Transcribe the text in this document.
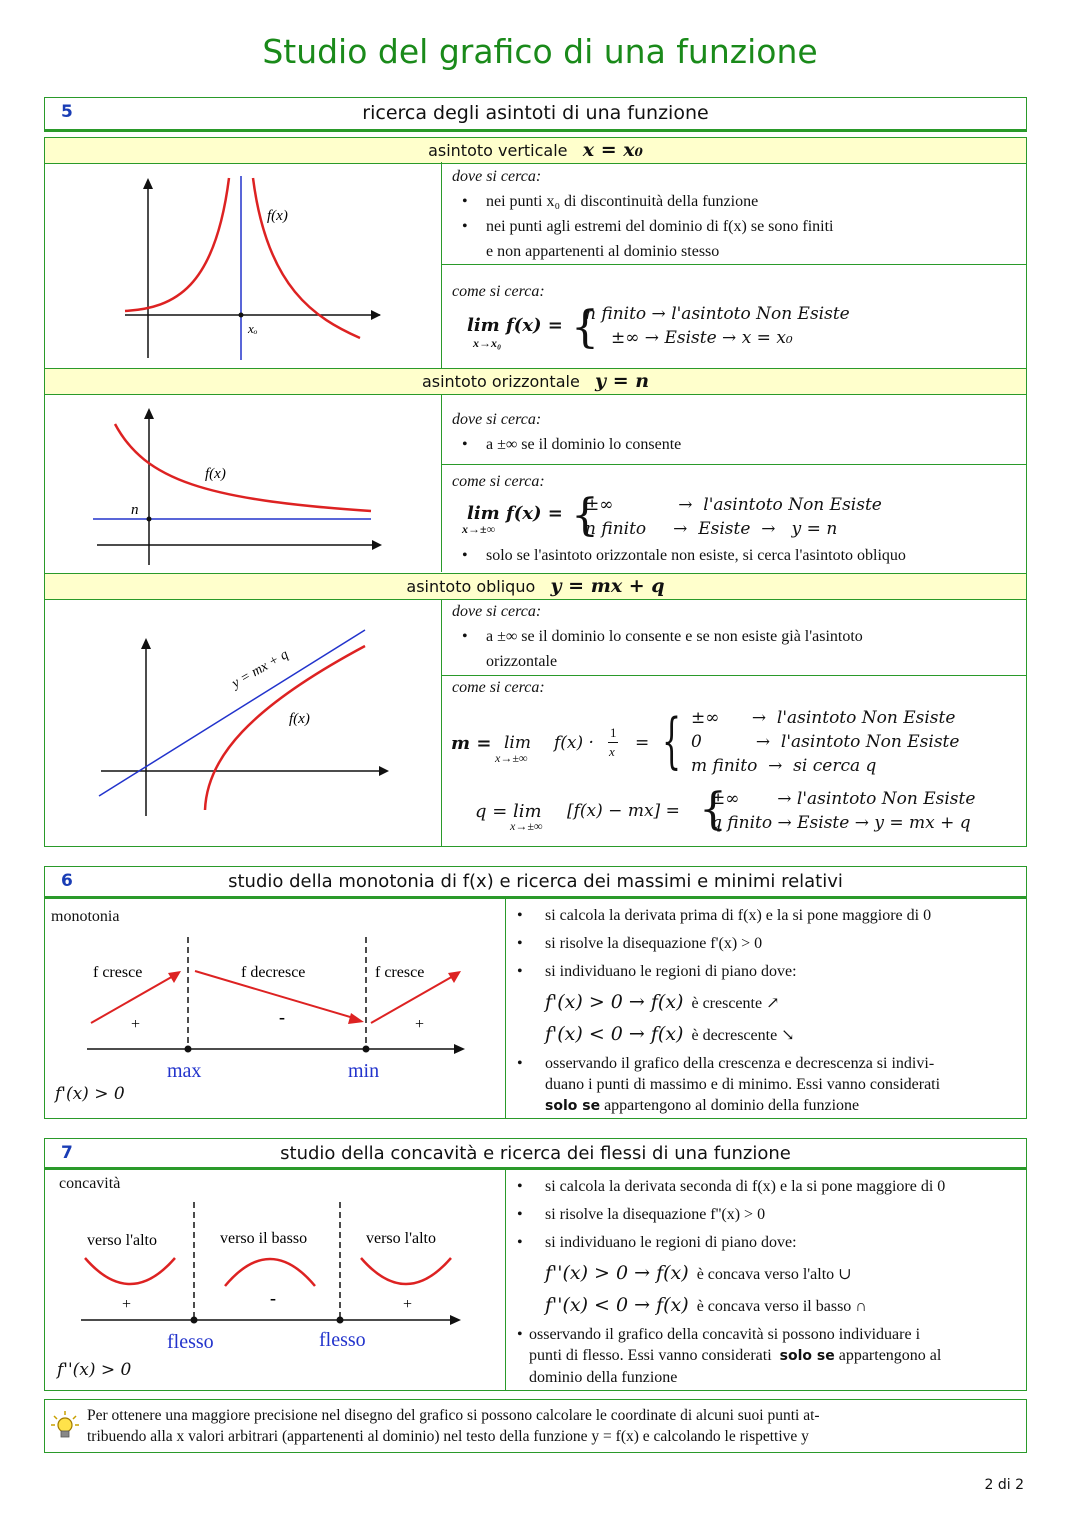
Studio del grafico di una funzione
5	ricerca degli asintoti di una funzione
asintoto verticale x = x₀
f(x)
xₒ
dove si cerca:
• nei punti x₀ di discontinuità della funzione
• nei punti agli estremi del dominio di f(x) se sono finiti
e non appartenenti al dominio stesso
come si cerca:
lim f(x) =
x→x₀ {
n finito → l'asintoto Non Esiste
±∞ → Esiste → x = x₀
asintoto orizzontale y = n
f(x)
n
dove si cerca:
• a ±∞ se il dominio lo consente
come si cerca:
lim f(x) =
x→±∞ {
±∞            →  l'asintoto Non Esiste
n finito     →  Esiste  →   y = n
• solo se l'asintoto orizzontale non esiste, si cerca l'asintoto obliquo
asintoto obliquo y = mx + q
y = mx + q
f(x)
dove si cerca:
• a ±∞ se il dominio lo consente e se non esiste già l'asintoto
orizzontale
come si cerca:
m = lim
x→±∞
f(x) ·
1
x = { ±∞      →  l'asintoto Non Esiste
0          →  l'asintoto Non Esiste
m finito  →  si cerca q
q = lim
x→±∞
[f(x) − mx] = {
±∞       → l'asintoto Non Esiste
q finito → Esiste → y = mx + q
6	studio della monotonia di f(x) e ricerca dei massimi e minimi relativi
monotonia
f cresce	f decresce	f cresce
+	-	+
max	min
f'(x) > 0
• si calcola la derivata prima di f(x) e la si pone maggiore di 0
• si risolve la disequazione f'(x) > 0
• si individuano le regioni di piano dove:
f'(x) > 0 → f(x) è crescente ↗
f'(x) < 0 → f(x) è decrescente ↘
• osservando il grafico della crescenza e decrescenza si indivi-
duano i punti di massimo e di minimo. Essi vanno considerati
solo se appartengono al dominio della funzione
7	studio della concavità e ricerca dei flessi di una funzione
concavità
verso l'alto	verso il basso	verso l'alto
+	-	+
flesso	flesso
f''(x) > 0
• si calcola la derivata seconda di f(x) e la si pone maggiore di 0
• si risolve la disequazione f''(x) > 0
• si individuano le regioni di piano dove:
f''(x) > 0 → f(x) è concava verso l'alto ∪
f''(x) < 0 → f(x) è concava verso il basso ∩
• osservando il grafico della concavità si possono individuare i
punti di flesso. Essi vanno considerati  solo se appartengono al
dominio della funzione
Per ottenere una maggiore precisione nel disegno del grafico si possono calcolare le coordinate di alcuni suoi punti at-
tribuendo alla x valori arbitrari (appartenenti al dominio) nel testo della funzione y = f(x) e calcolando le rispettive y
2 di 2
